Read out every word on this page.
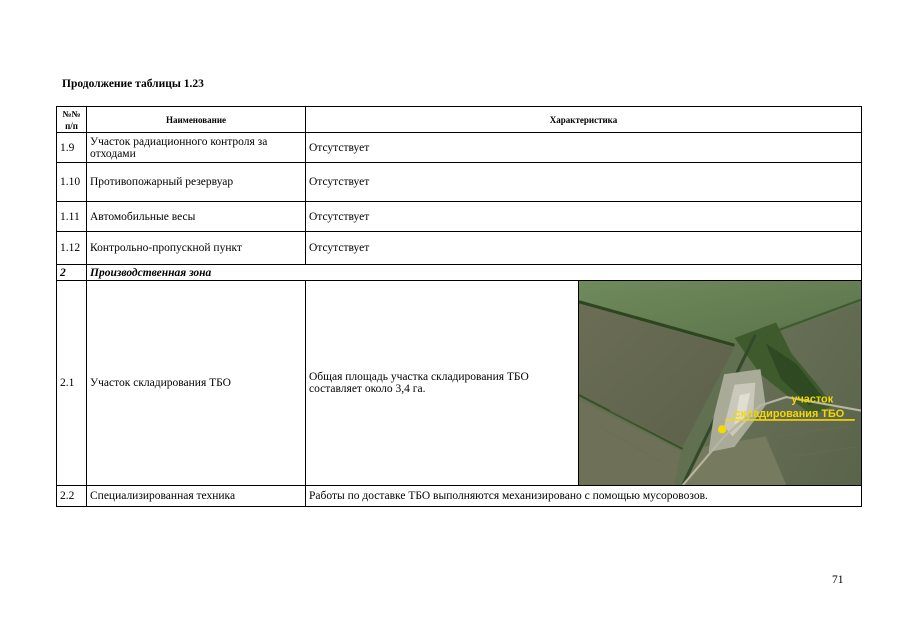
Продолжение таблицы 1.23
№№ п/п	Наименование	Характеристика	
1.9	Участок радиационного контроля за отходами	Отсутствует	
1.10	Противопожарный резервуар	Отсутствует	
1.11	Автомобильные весы	Отсутствует	
1.12	Контрольно-пропускной пункт	Отсутствует	
2	Производственная зона		
2.1	Участок складирования ТБО	Общая площадь участка складирования ТБО составляет около 3,4 га.	участок
складирования ТБО

2.2	Специализированная техника	Работы по доставке ТБО выполняются механизировано с помощью мусоровозов.	
71
